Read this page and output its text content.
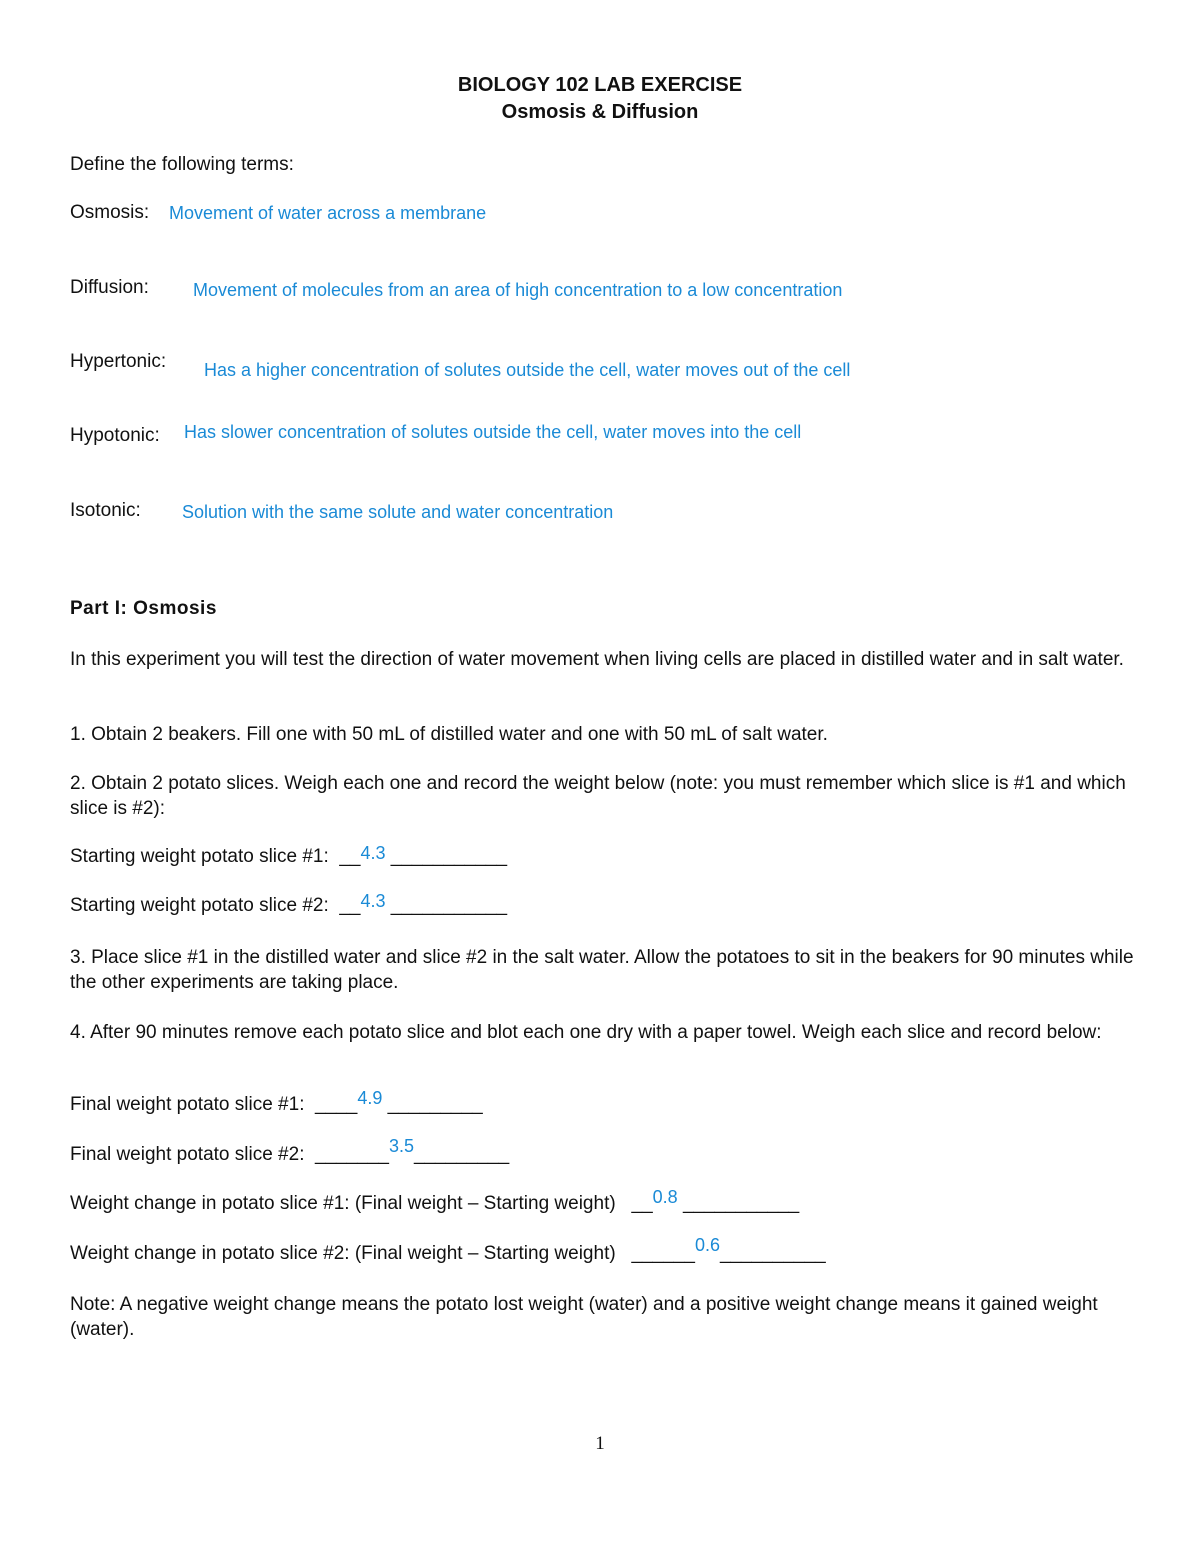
BIOLOGY 102 LAB EXERCISE
Osmosis & Diffusion
Define the following terms:
Osmosis: Movement of water across a membrane
Diffusion: Movement of molecules from an area of high concentration to a low concentration
Hypertonic: Has a higher concentration of solutes outside the cell, water moves out of the cell
Hypotonic: Has slower concentration of solutes outside the cell, water moves into the cell
Isotonic: Solution with the same solute and water concentration
Part I: Osmosis
In this experiment you will test the direction of water movement when living cells are placed in distilled water and in salt water.
1. Obtain 2 beakers. Fill one with 50 mL of distilled water and one with 50 mL of salt water.
2. Obtain 2 potato slices. Weigh each one and record the weight below (note: you must remember which slice is #1 and which slice is #2):
Starting weight potato slice #1: __4.3 ___________
Starting weight potato slice #2: __4.3 ___________
3. Place slice #1 in the distilled water and slice #2 in the salt water. Allow the potatoes to sit in the beakers for 90 minutes while the other experiments are taking place.
4. After 90 minutes remove each potato slice and blot each one dry with a paper towel. Weigh each slice and record below:
Final weight potato slice #1: ____4.9 _________
Final weight potato slice #2: _______3.5_________
Weight change in potato slice #1: (Final weight – Starting weight) __0.8 ___________
Weight change in potato slice #2: (Final weight – Starting weight) ______0.6__________
Note: A negative weight change means the potato lost weight (water) and a positive weight change means it gained weight (water).
1
